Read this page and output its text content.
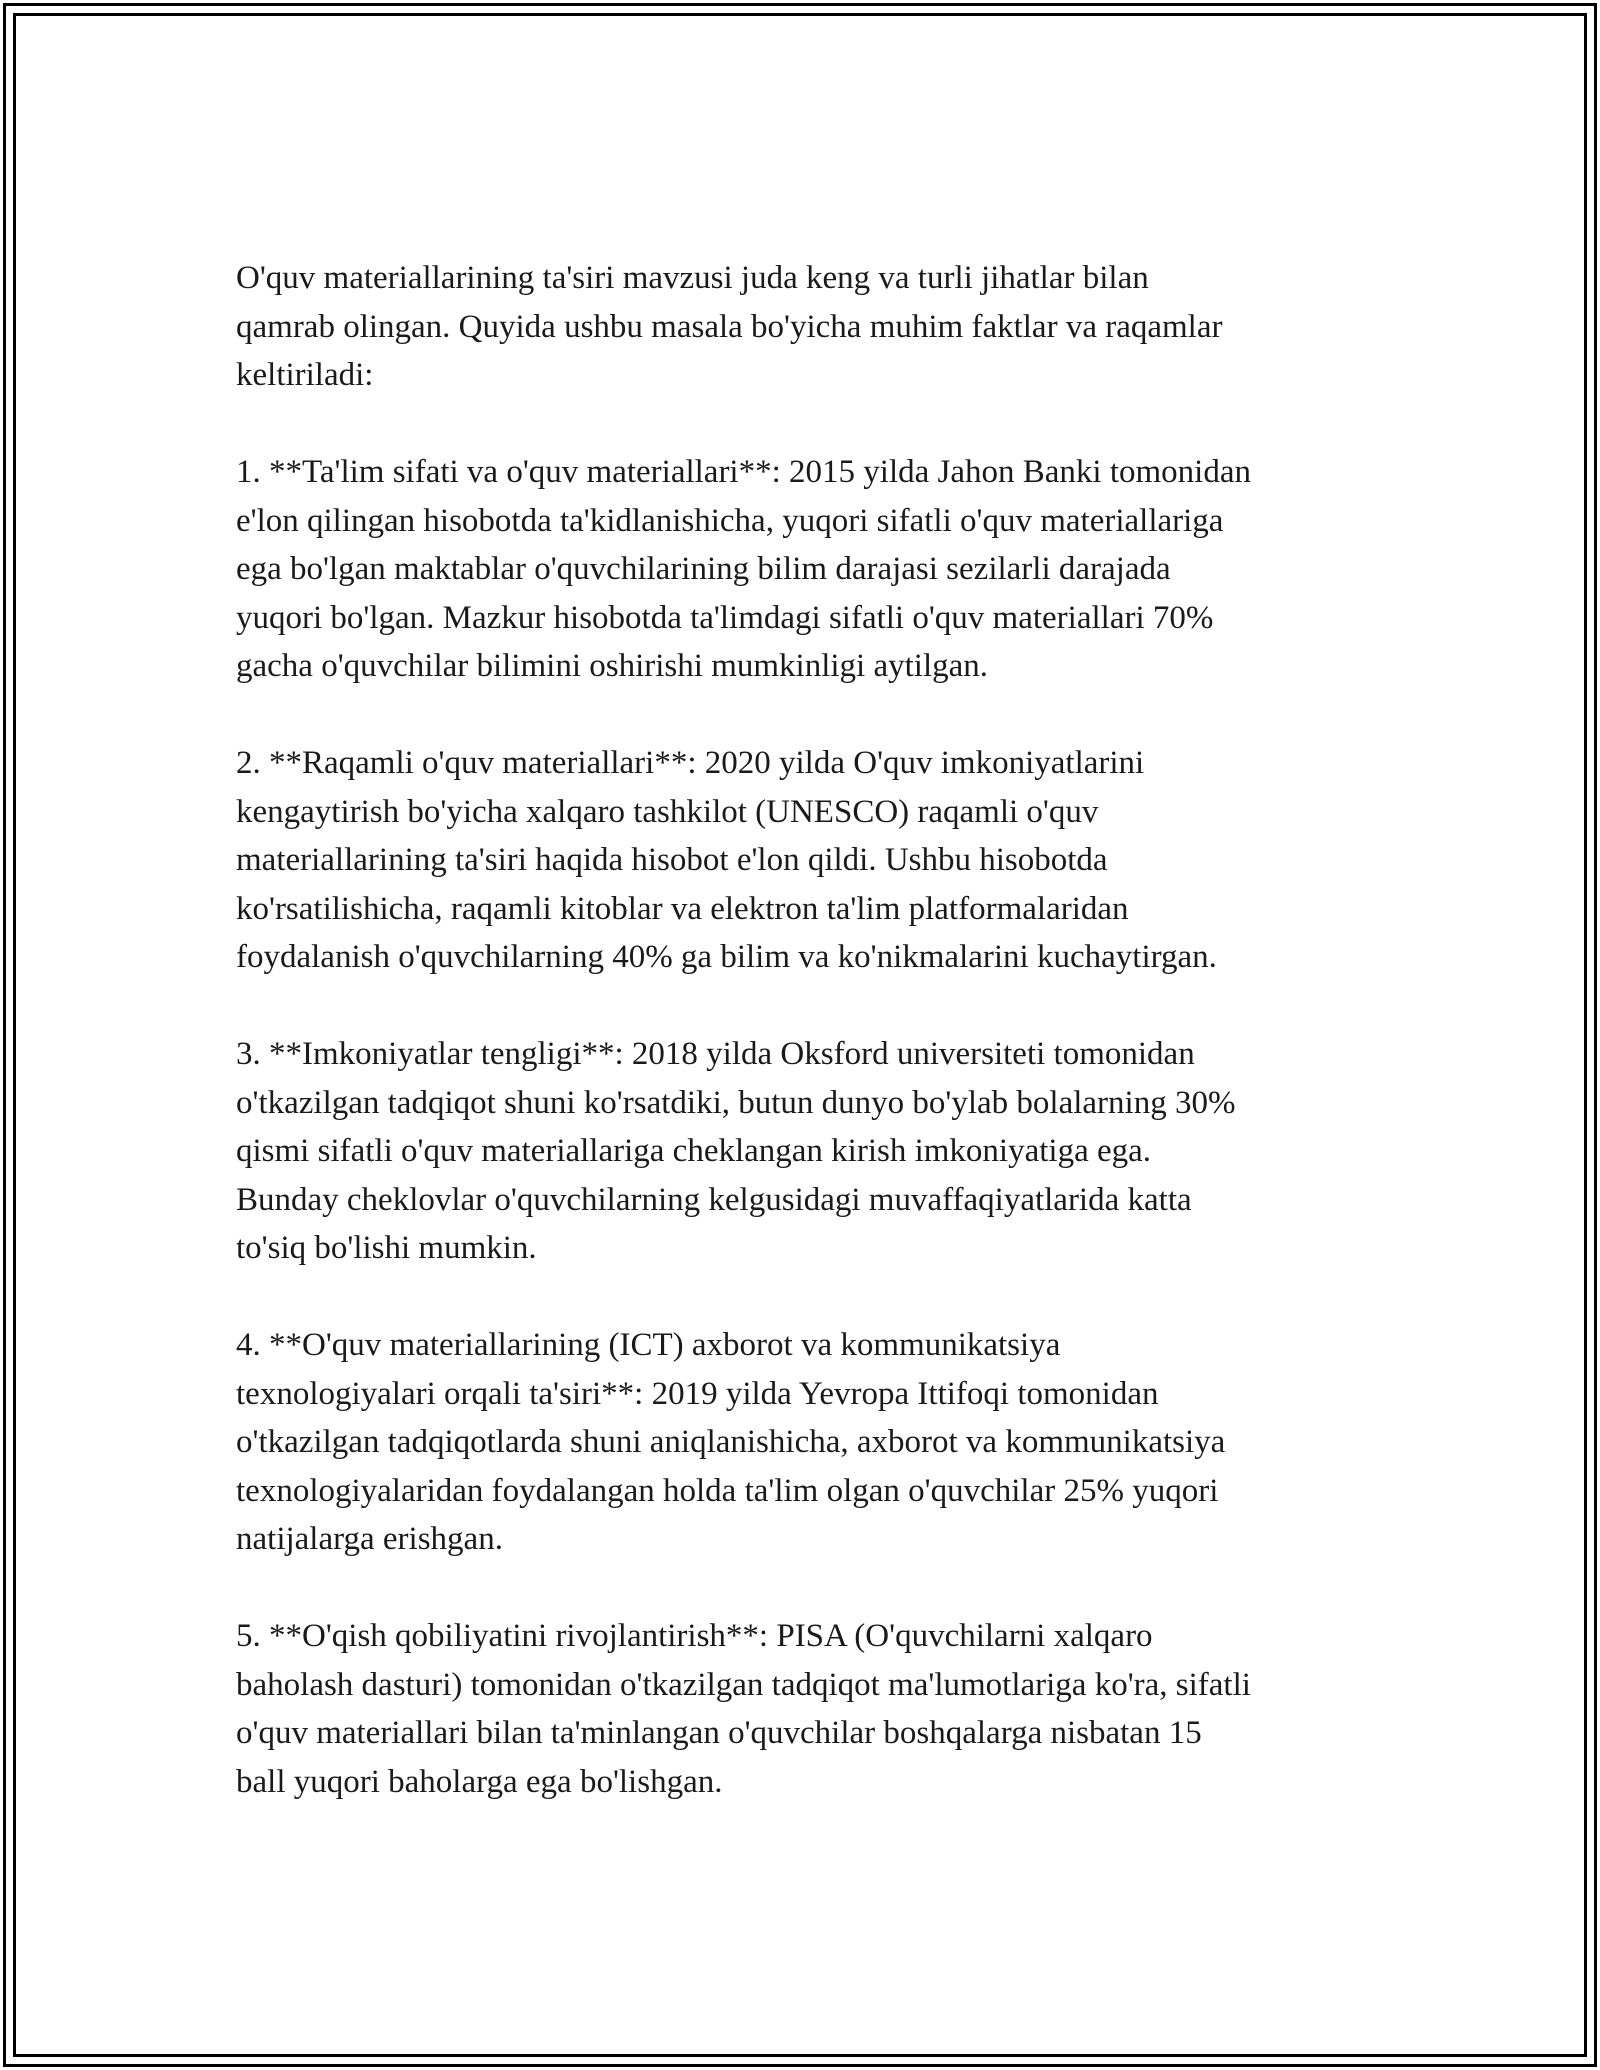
O'quv materiallarining ta'siri mavzusi juda keng va turli jihatlar bilan
qamrab olingan. Quyida ushbu masala bo'yicha muhim faktlar va raqamlar
keltiriladi:

1. **Ta'lim sifati va o'quv materiallari**: 2015 yilda Jahon Banki tomonidan
e'lon qilingan hisobotda ta'kidlanishicha, yuqori sifatli o'quv materiallariga
ega bo'lgan maktablar o'quvchilarining bilim darajasi sezilarli darajada
yuqori bo'lgan. Mazkur hisobotda ta'limdagi sifatli o'quv materiallari 70%
gacha o'quvchilar bilimini oshirishi mumkinligi aytilgan.

2. **Raqamli o'quv materiallari**: 2020 yilda O'quv imkoniyatlarini
kengaytirish bo'yicha xalqaro tashkilot (UNESCO) raqamli o'quv
materiallarining ta'siri haqida hisobot e'lon qildi. Ushbu hisobotda
ko'rsatilishicha, raqamli kitoblar va elektron ta'lim platformalaridan
foydalanish o'quvchilarning 40% ga bilim va ko'nikmalarini kuchaytirgan.

3. **Imkoniyatlar tengligi**: 2018 yilda Oksford universiteti tomonidan
o'tkazilgan tadqiqot shuni ko'rsatdiki, butun dunyo bo'ylab bolalarning 30%
qismi sifatli o'quv materiallariga cheklangan kirish imkoniyatiga ega.
Bunday cheklovlar o'quvchilarning kelgusidagi muvaffaqiyatlarida katta
to'siq bo'lishi mumkin.

4. **O'quv materiallarining (ICT) axborot va kommunikatsiya
texnologiyalari orqali ta'siri**: 2019 yilda Yevropa Ittifoqi tomonidan
o'tkazilgan tadqiqotlarda shuni aniqlanishicha, axborot va kommunikatsiya
texnologiyalaridan foydalangan holda ta'lim olgan o'quvchilar 25% yuqori
natijalarga erishgan.

5. **O'qish qobiliyatini rivojlantirish**: PISA (O'quvchilarni xalqaro
baholash dasturi) tomonidan o'tkazilgan tadqiqot ma'lumotlariga ko'ra, sifatli
o'quv materiallari bilan ta'minlangan o'quvchilar boshqalarga nisbatan 15
ball yuqori baholarga ega bo'lishgan.
